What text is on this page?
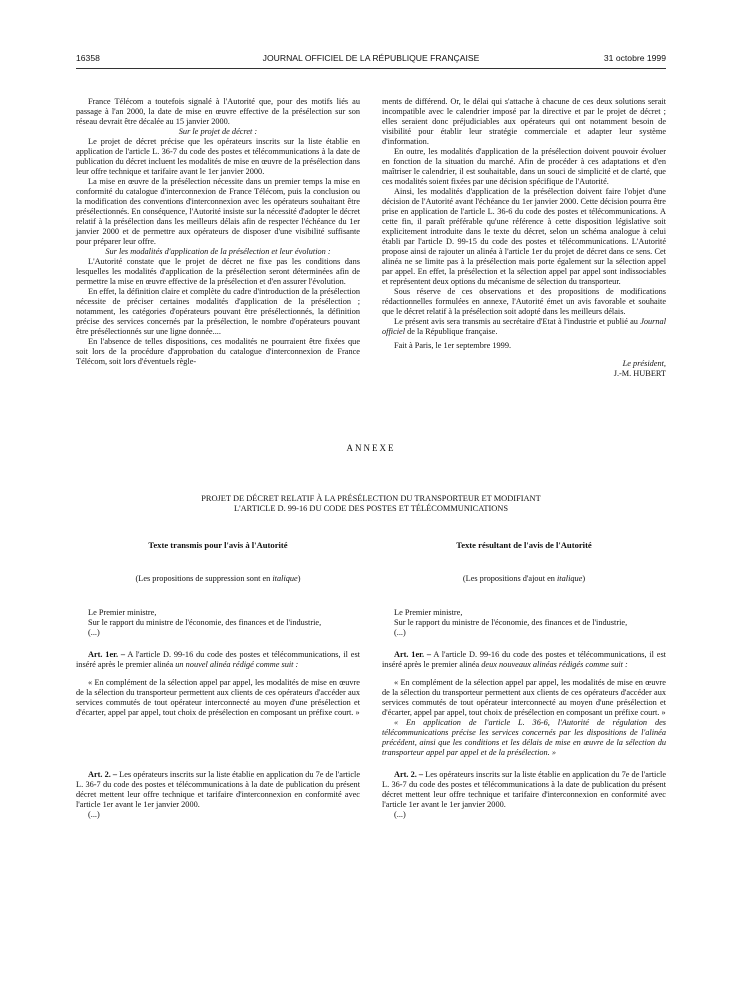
16358	JOURNAL OFFICIEL DE LA RÉPUBLIQUE FRANÇAISE	31 octobre 1999

France Télécom a toutefois signalé à l'Autorité que, pour des motifs liés au passage à l'an 2000, la date de mise en œuvre effective de la présélection sur son réseau devrait être décalée au 15 janvier 2000.

Sur le projet de décret :

Le projet de décret précise que les opérateurs inscrits sur la liste établie en application de l'article L. 36-7 du code des postes et télécommunications à la date de publication du décret incluent les modalités de mise en œuvre de la présélection dans leur offre technique et tarifaire avant le 1er janvier 2000.

La mise en œuvre de la présélection nécessite dans un premier temps la mise en conformité du catalogue d'interconnexion de France Télécom, puis la conclusion ou la modification des conventions d'interconnexion avec les opérateurs souhaitant être présélectionnés. En conséquence, l'Autorité insiste sur la nécessité d'adopter le décret relatif à la présélection dans les meilleurs délais afin de respecter l'échéance du 1er janvier 2000 et de permettre aux opérateurs de disposer d'une visibilité suffisante pour préparer leur offre.

Sur les modalités d'application de la présélection et leur évolution :

L'Autorité constate que le projet de décret ne fixe pas les conditions dans lesquelles les modalités d'application de la présélection seront déterminées afin de permettre la mise en œuvre effective de la présélection et d'en assurer l'évolution.

En effet, la définition claire et complète du cadre d'introduction de la présélection nécessite de préciser certaines modalités d'application de la présélection ; notamment, les catégories d'opérateurs pouvant être présélectionnés, la définition précise des services concernés par la présélection, le nombre d'opérateurs pouvant être présélectionnés sur une ligne donnée....

En l'absence de telles dispositions, ces modalités ne pourraient être fixées que soit lors de la procédure d'approbation du catalogue d'interconnexion de France Télécom, soit lors d'éventuels règle-

ments de différend. Or, le délai qui s'attache à chacune de ces deux solutions serait incompatible avec le calendrier imposé par la directive et par le projet de décret ; elles seraient donc préjudiciables aux opérateurs qui ont notamment besoin de visibilité pour établir leur stratégie commerciale et adapter leur système d'information.

En outre, les modalités d'application de la présélection doivent pouvoir évoluer en fonction de la situation du marché. Afin de procéder à ces adaptations et d'en maîtriser le calendrier, il est souhaitable, dans un souci de simplicité et de clarté, que ces modalités soient fixées par une décision spécifique de l'Autorité.

Ainsi, les modalités d'application de la présélection doivent faire l'objet d'une décision de l'Autorité avant l'échéance du 1er janvier 2000. Cette décision pourra être prise en application de l'article L. 36-6 du code des postes et télécommunications. A cette fin, il paraît préférable qu'une référence à cette disposition législative soit explicitement introduite dans le texte du décret, selon un schéma analogue à celui établi par l'article D. 99-15 du code des postes et télécommunications. L'Autorité propose ainsi de rajouter un alinéa à l'article 1er du projet de décret dans ce sens. Cet alinéa ne se limite pas à la présélection mais porte également sur la sélection appel par appel. En effet, la présélection et la sélection appel par appel sont indissociables et représentent deux options du mécanisme de sélection du transporteur.

Sous réserve de ces observations et des propositions de modifications rédactionnelles formulées en annexe, l'Autorité émet un avis favorable et souhaite que le décret relatif à la présélection soit adopté dans les meilleurs délais.

Le présent avis sera transmis au secrétaire d'Etat à l'industrie et publié au Journal officiel de la République française.

Fait à Paris, le 1er septembre 1999.

Le président,

J.-M. HUBERT

ANNEXE
PROJET DE DÉCRET RELATIF À LA PRÉSÉLECTION DU TRANSPORTEUR ET MODIFIANT
L'ARTICLE D. 99-16 DU CODE DES POSTES ET TÉLÉCOMMUNICATIONS

Texte transmis pour l'avis à l'Autorité

(Les propositions de suppression sont en italique)

Le Premier ministre,

Sur le rapport du ministre de l'économie, des finances et de l'industrie,

(...)

Art. 1er. – A l'article D. 99-16 du code des postes et télécommunications, il est inséré après le premier alinéa un nouvel alinéa rédigé comme suit :

« En complément de la sélection appel par appel, les modalités de mise en œuvre de la sélection du transporteur permettent aux clients de ces opérateurs d'accéder aux services commutés de tout opérateur interconnecté au moyen d'une présélection et d'écarter, appel par appel, tout choix de présélection en composant un préfixe court. »

Art. 2. – Les opérateurs inscrits sur la liste établie en application du 7e de l'article L. 36-7 du code des postes et télécommunications à la date de publication du présent décret mettent leur offre technique et tarifaire d'interconnexion en conformité avec l'article 1er avant le 1er janvier 2000.

(...)

Texte résultant de l'avis de l'Autorité

(Les propositions d'ajout en italique)

Le Premier ministre,

Sur le rapport du ministre de l'économie, des finances et de l'industrie,

(...)

Art. 1er. – A l'article D. 99-16 du code des postes et télécommunications, il est inséré après le premier alinéa deux nouveaux alinéas rédigés comme suit :

« En complément de la sélection appel par appel, les modalités de mise en œuvre de la sélection du transporteur permettent aux clients de ces opérateurs d'accéder aux services commutés de tout opérateur interconnecté au moyen d'une présélection et d'écarter, appel par appel, tout choix de présélection en composant un préfixe court. »

« En application de l'article L. 36-6, l'Autorité de régulation des télécommunications précise les services concernés par les dispositions de l'alinéa précédent, ainsi que les conditions et les délais de mise en œuvre de la sélection du transporteur appel par appel et de la présélection. »

Art. 2. – Les opérateurs inscrits sur la liste établie en application du 7e de l'article L. 36-7 du code des postes et télécommunications à la date de publication du présent décret mettent leur offre technique et tarifaire d'interconnexion en conformité avec l'article 1er avant le 1er janvier 2000.

(...)
